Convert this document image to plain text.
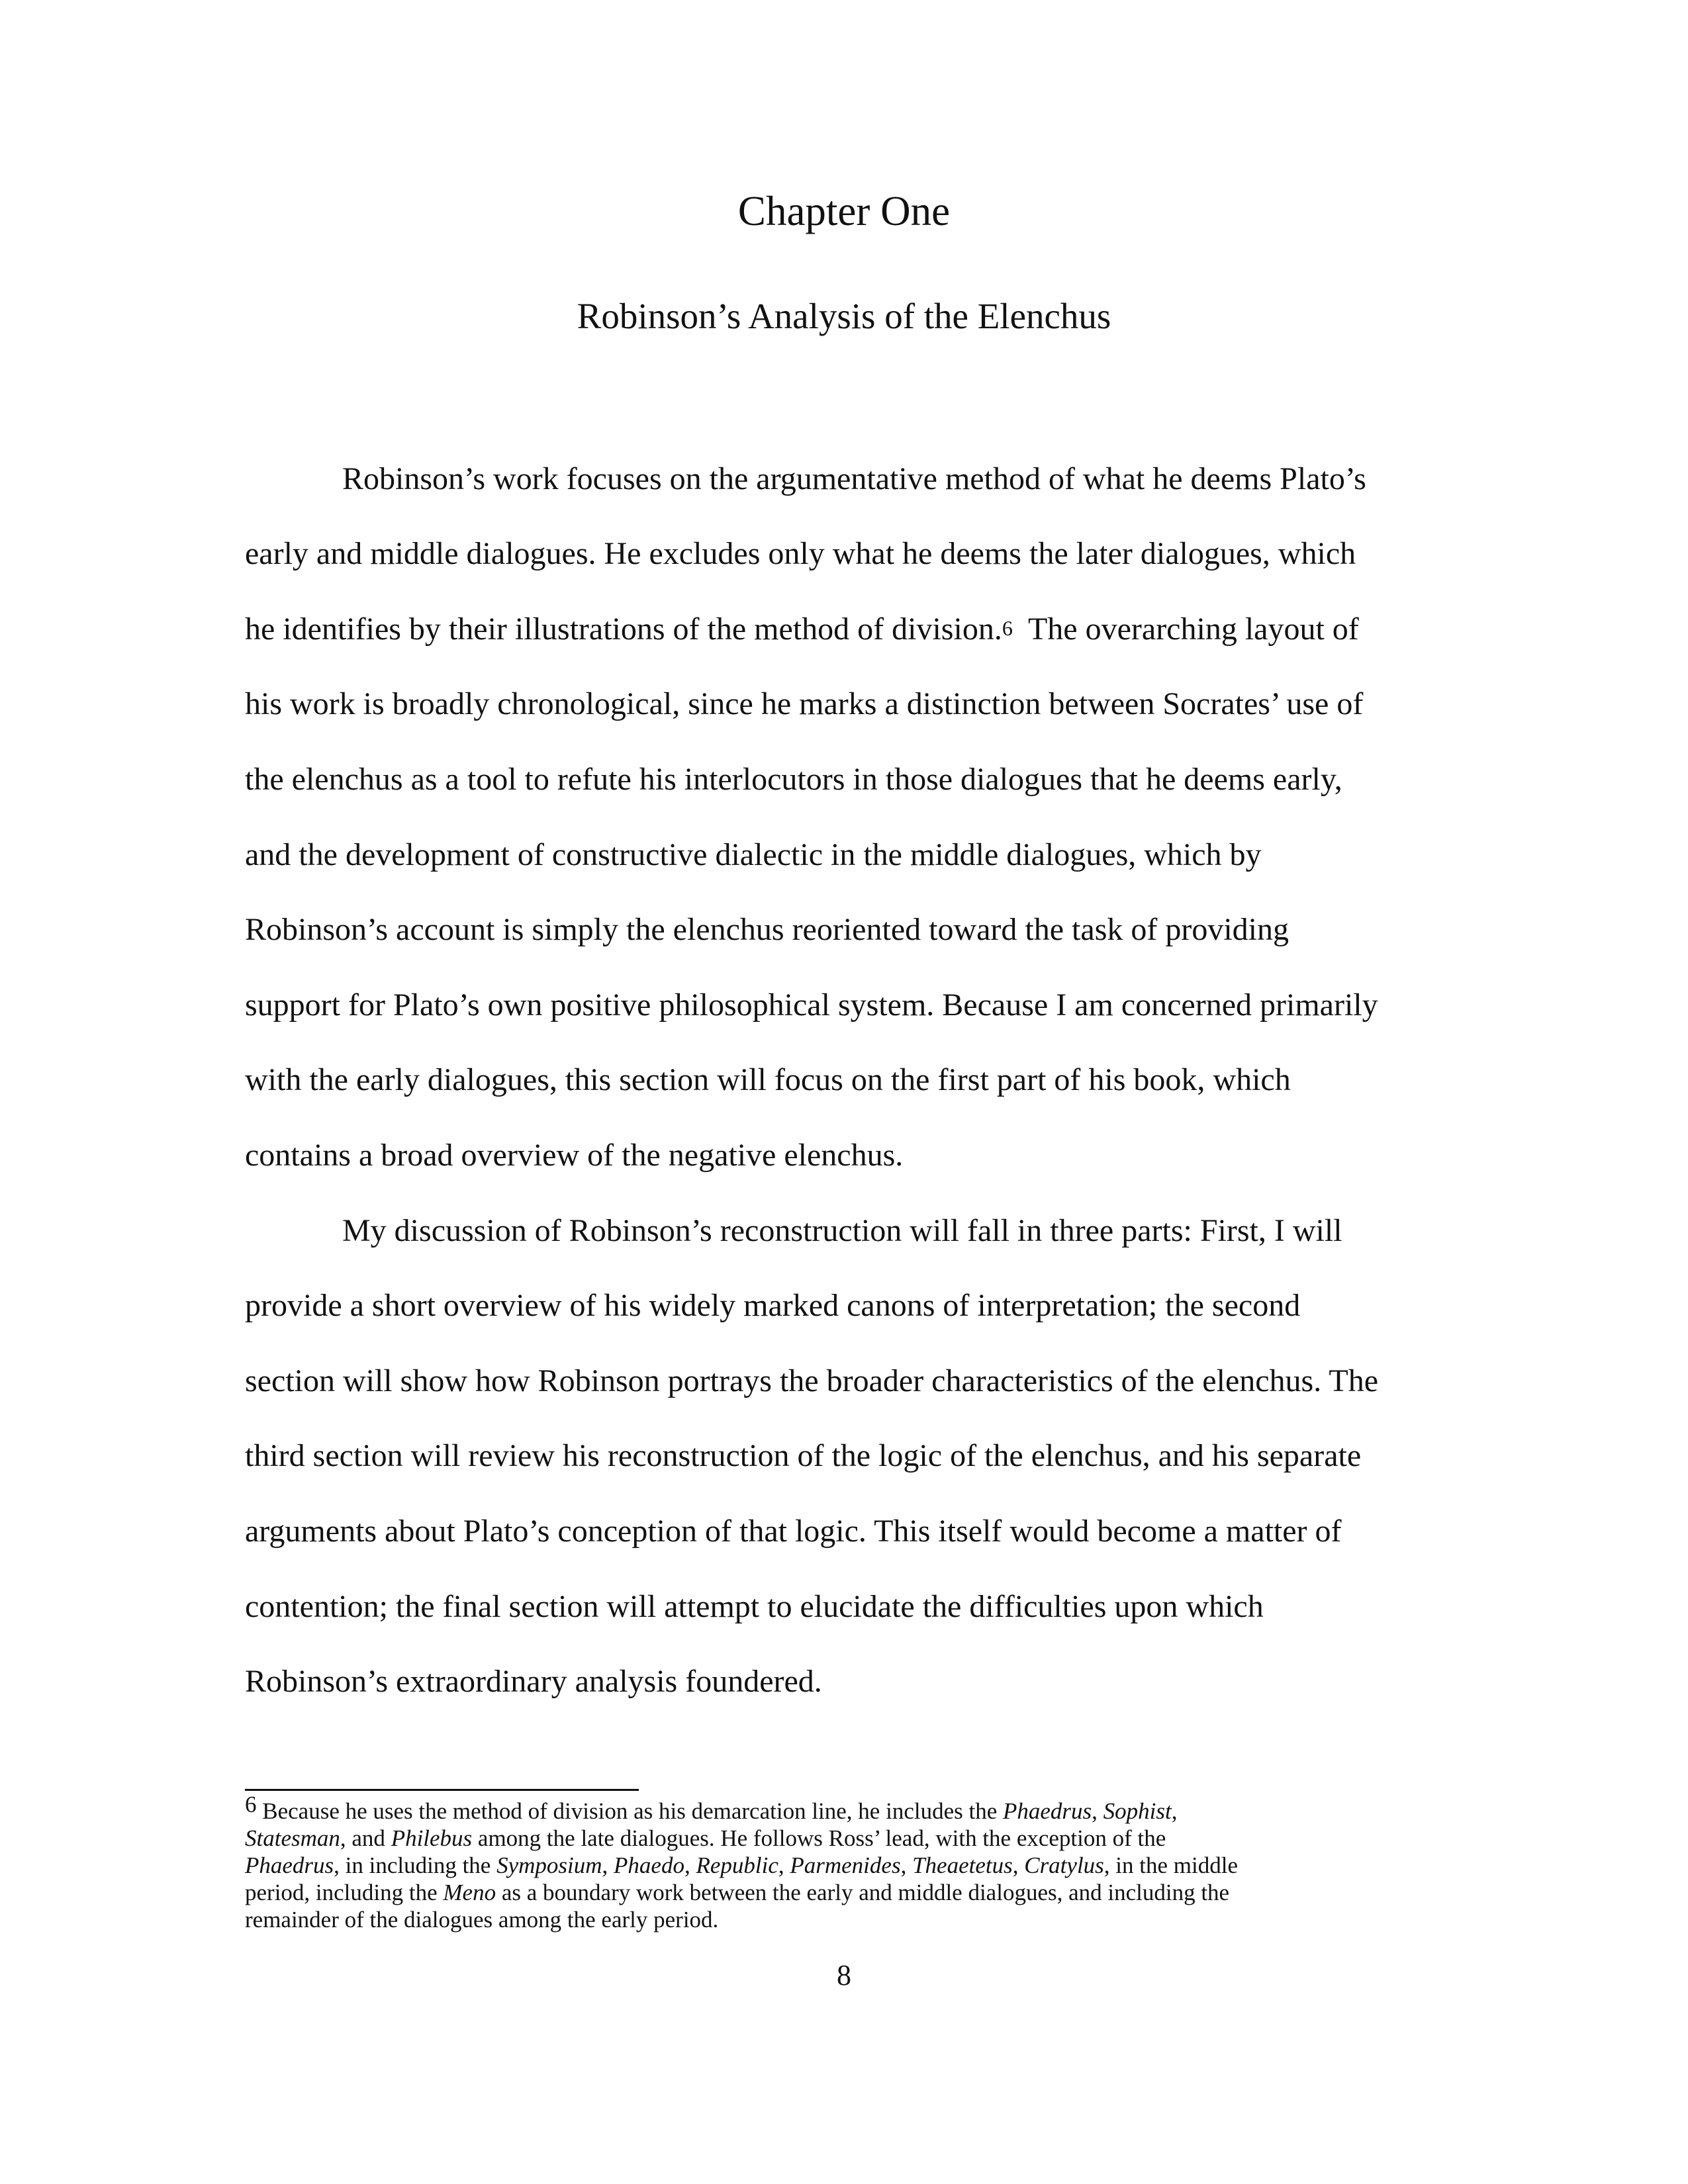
Chapter One
Robinson’s Analysis of the Elenchus
Robinson’s work focuses on the argumentative method of what he deems Plato’s
early and middle dialogues. He excludes only what he deems the later dialogues, which
he identifies by their illustrations of the method of division.$^6$ The overarching layout of
his work is broadly chronological, since he marks a distinction between Socrates’ use of
the elenchus as a tool to refute his interlocutors in those dialogues that he deems early,
and the development of constructive dialectic in the middle dialogues, which by
Robinson’s account is simply the elenchus reoriented toward the task of providing
support for Plato’s own positive philosophical system. Because I am concerned primarily
with the early dialogues, this section will focus on the first part of his book, which
contains a broad overview of the negative elenchus.
My discussion of Robinson’s reconstruction will fall in three parts: First, I will
provide a short overview of his widely marked canons of interpretation; the second
section will show how Robinson portrays the broader characteristics of the elenchus. The
third section will review his reconstruction of the logic of the elenchus, and his separate
arguments about Plato’s conception of that logic. This itself would become a matter of
contention; the final section will attempt to elucidate the difficulties upon which
Robinson’s extraordinary analysis foundered.

6 Because he uses the method of division as his demarcation line, he includes the Phaedrus, Sophist,

Statesman, and Philebus among the late dialogues. He follows Ross’ lead, with the exception of the

Phaedrus, in including the Symposium, Phaedo, Republic, Parmenides, Theaetetus, Cratylus, in the middle

period, including the Meno as a boundary work between the early and middle dialogues, and including the

remainder of the dialogues among the early period.

8
